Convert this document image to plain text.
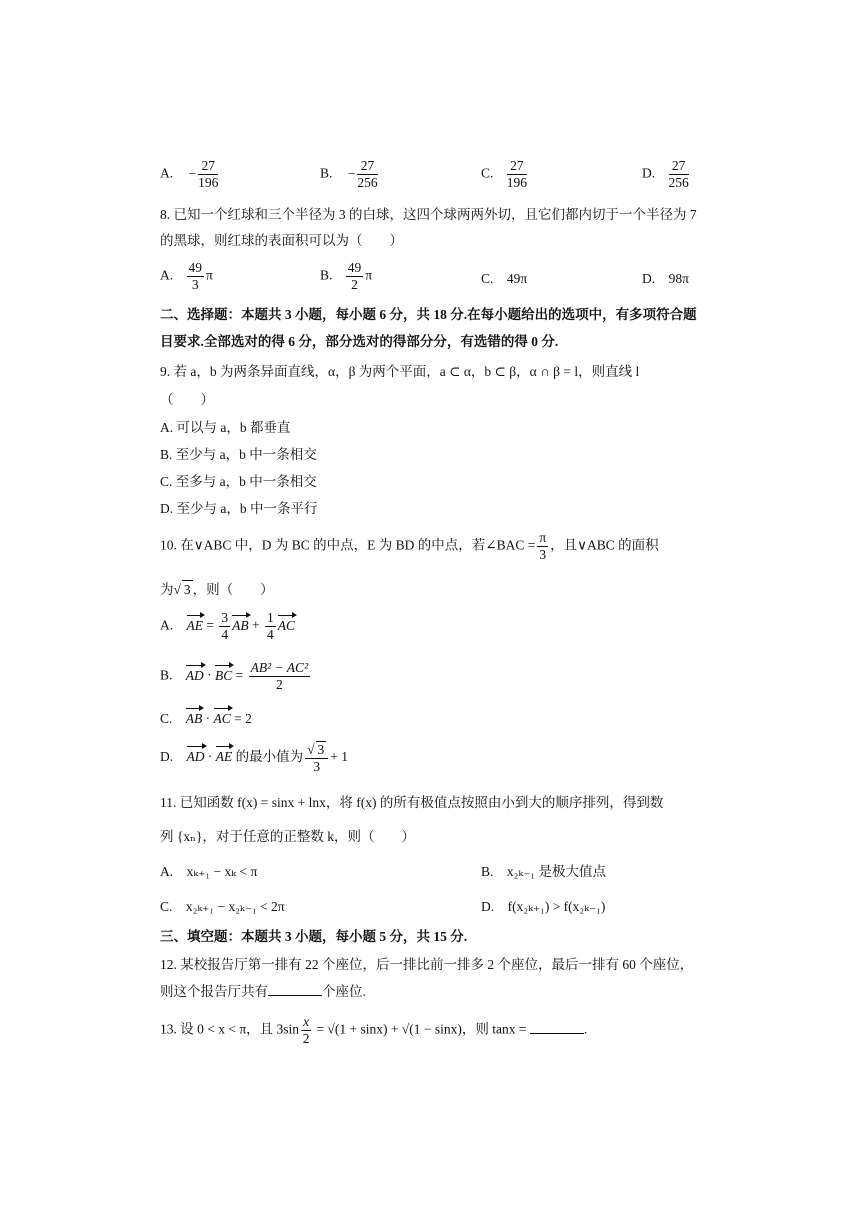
A. − $\frac{27}{196}$	B. − $\frac{27}{256}$	C. $\frac{27}{196}$	D. $\frac{27}{256}$
8. 已知一个红球和三个半径为 3 的白球，这四个球两两外切，且它们都内切于一个半径为 7
的黑球，则红球的表面积可以为（　　）
A. $\frac{49}{3}$ π	B. $\frac{49}{2}$ π	C.　49π	D.　98π
二、选择题：本题共 3 小题，每小题 6 分，共 18 分.在每小题给出的选项中，有多项符合题
目要求.全部选对的得 6 分，部分选对的得部分分，有选错的得 0 分.
9. 若 a，b 为两条异面直线，α，β 为两个平面，a ⊂ α，b ⊂ β，α ∩ β = l，则直线 l
（　　）
A. 可以与 a，b 都垂直
B. 至少与 a，b 中一条相交
C. 至多与 a，b 中一条相交
D. 至少与 a，b 中一条平行
10. 在∨ABC 中，D 为 BC 的中点，E 为 BD 的中点，若∠BAC = $\frac{\pi}{3}$ ，且∨ABC 的面积
为√ 3 ，则（　　）
A. AE = $\frac{3}{4}$ AB + $\frac{1}{4}$ AC
B. AD · BC = $\frac{\text{AB² − AC²}}{2}$
C. AB · AC = 2
D. AD · AE 的最小值为 $\frac{√ 3}{3} + 1$
11. 已知函数 f(x) = sinx + lnx，将 f(x) 的所有极值点按照由小到大的顺序排列，得到数
列 {xₙ}，对于任意的正整数 k，则（　　）
A.　xₖ₊₁ − xₖ < π	B.　x₂ₖ₋₁ 是极大值点
C.　x₂ₖ₊₁ − x₂ₖ₋₁ < 2π	D.　f(x₂ₖ₊₁) > f(x₂ₖ₋₁)
三、填空题：本题共 3 小题，每小题 5 分，共 15 分.
12. 某校报告厅第一排有 22 个座位，后一排比前一排多 2 个座位，最后一排有 60 个座位，
则这个报告厅共有	个座位.
13. 设 0 < x < π，且 $3\sin \frac{x}{2} = √(1 + \sin x) + √(1 - \sin x)$，则 tanx =	.
